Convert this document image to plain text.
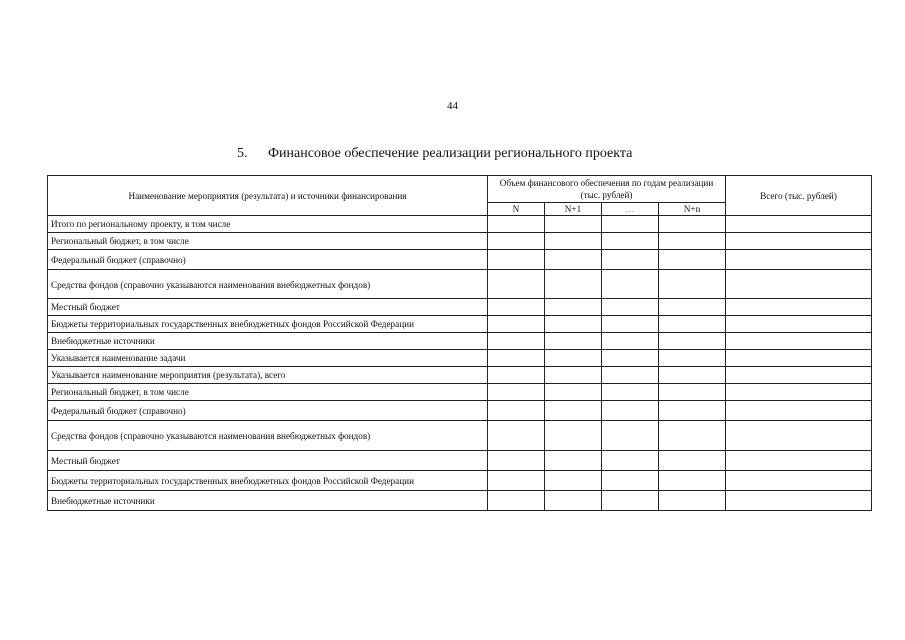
44
5. Финансовое обеспечение реализации регионального проекта
Наименование мероприятия (результата) и источники финансирования	Объем финансового обеспечения по годам реализации (тыс. рублей)				Всего (тыс. рублей)
	N	N+1	…	N+n	
Итого по региональному проекту, в том числе					
Региональный бюджет, в том числе					
Федеральный бюджет (справочно)					
Средства фондов (справочно указываются наименования внебюджетных фондов)					
Местный бюджет					
Бюджеты территориальных государственных внебюджетных фондов Российской Федерации					
Внебюджетные источники					
Указывается наименование задачи					
Указывается наименование мероприятия (результата), всего					
Региональный бюджет, в том числе					
Федеральный бюджет (справочно)					
Средства фондов (справочно указываются наименования внебюджетных фондов)					
Местный бюджет					
Бюджеты территориальных государственных внебюджетных фондов Российской Федерации					
Внебюджетные источники					
